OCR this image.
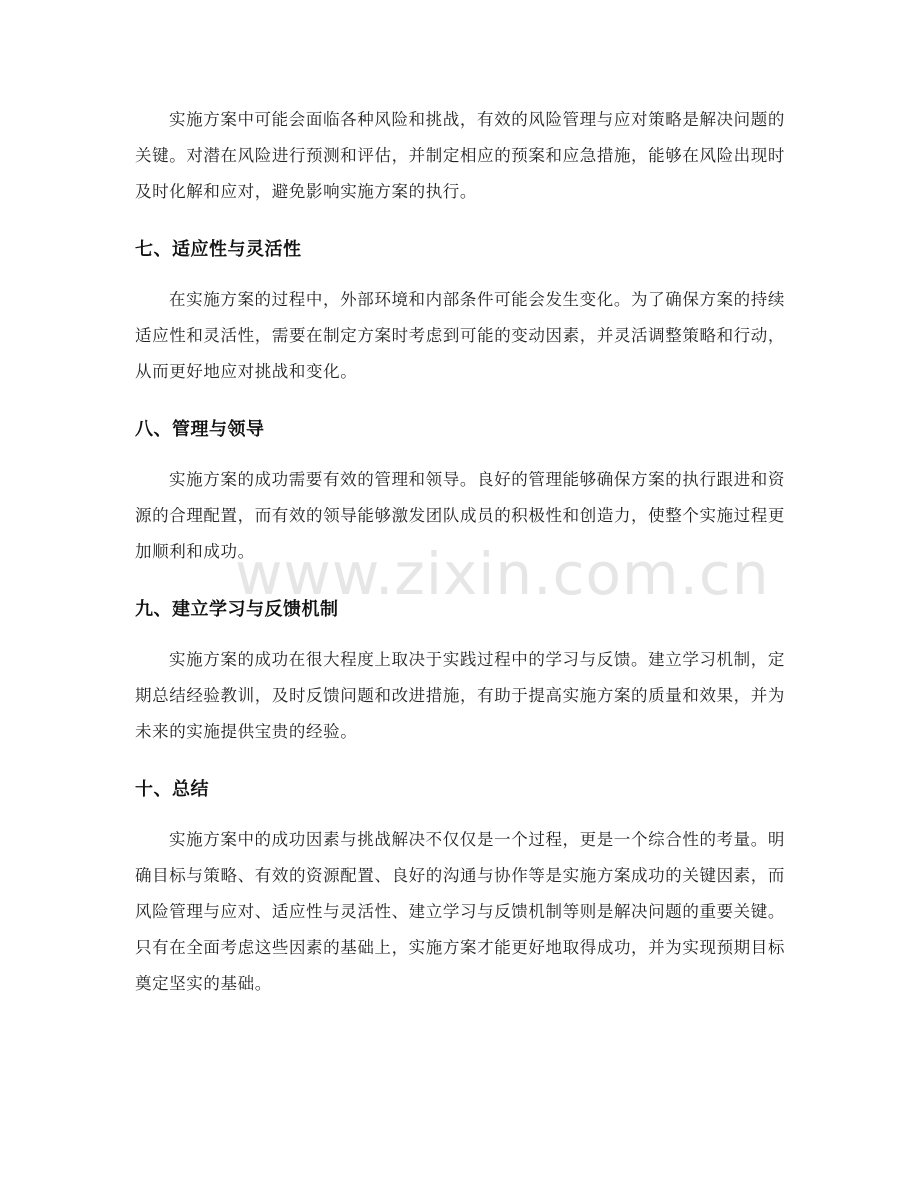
实施方案中可能会面临各种风险和挑战，有效的风险管理与应对策略是解决问题的关键。对潜在风险进行预测和评估，并制定相应的预案和应急措施，能够在风险出现时及时化解和应对，避免影响实施方案的执行。

七、适应性与灵活性

在实施方案的过程中，外部环境和内部条件可能会发生变化。为了确保方案的持续适应性和灵活性，需要在制定方案时考虑到可能的变动因素，并灵活调整策略和行动，从而更好地应对挑战和变化。

八、管理与领导

实施方案的成功需要有效的管理和领导。良好的管理能够确保方案的执行跟进和资源的合理配置，而有效的领导能够激发团队成员的积极性和创造力，使整个实施过程更加顺利和成功。

九、建立学习与反馈机制

实施方案的成功在很大程度上取决于实践过程中的学习与反馈。建立学习机制，定期总结经验教训，及时反馈问题和改进措施，有助于提高实施方案的质量和效果，并为未来的实施提供宝贵的经验。

十、总结

实施方案中的成功因素与挑战解决不仅仅是一个过程，更是一个综合性的考量。明确目标与策略、有效的资源配置、良好的沟通与协作等是实施方案成功的关键因素，而风险管理与应对、适应性与灵活性、建立学习与反馈机制等则是解决问题的重要关键。只有在全面考虑这些因素的基础上，实施方案才能更好地取得成功，并为实现预期目标奠定坚实的基础。

www.zixin.com.cn
